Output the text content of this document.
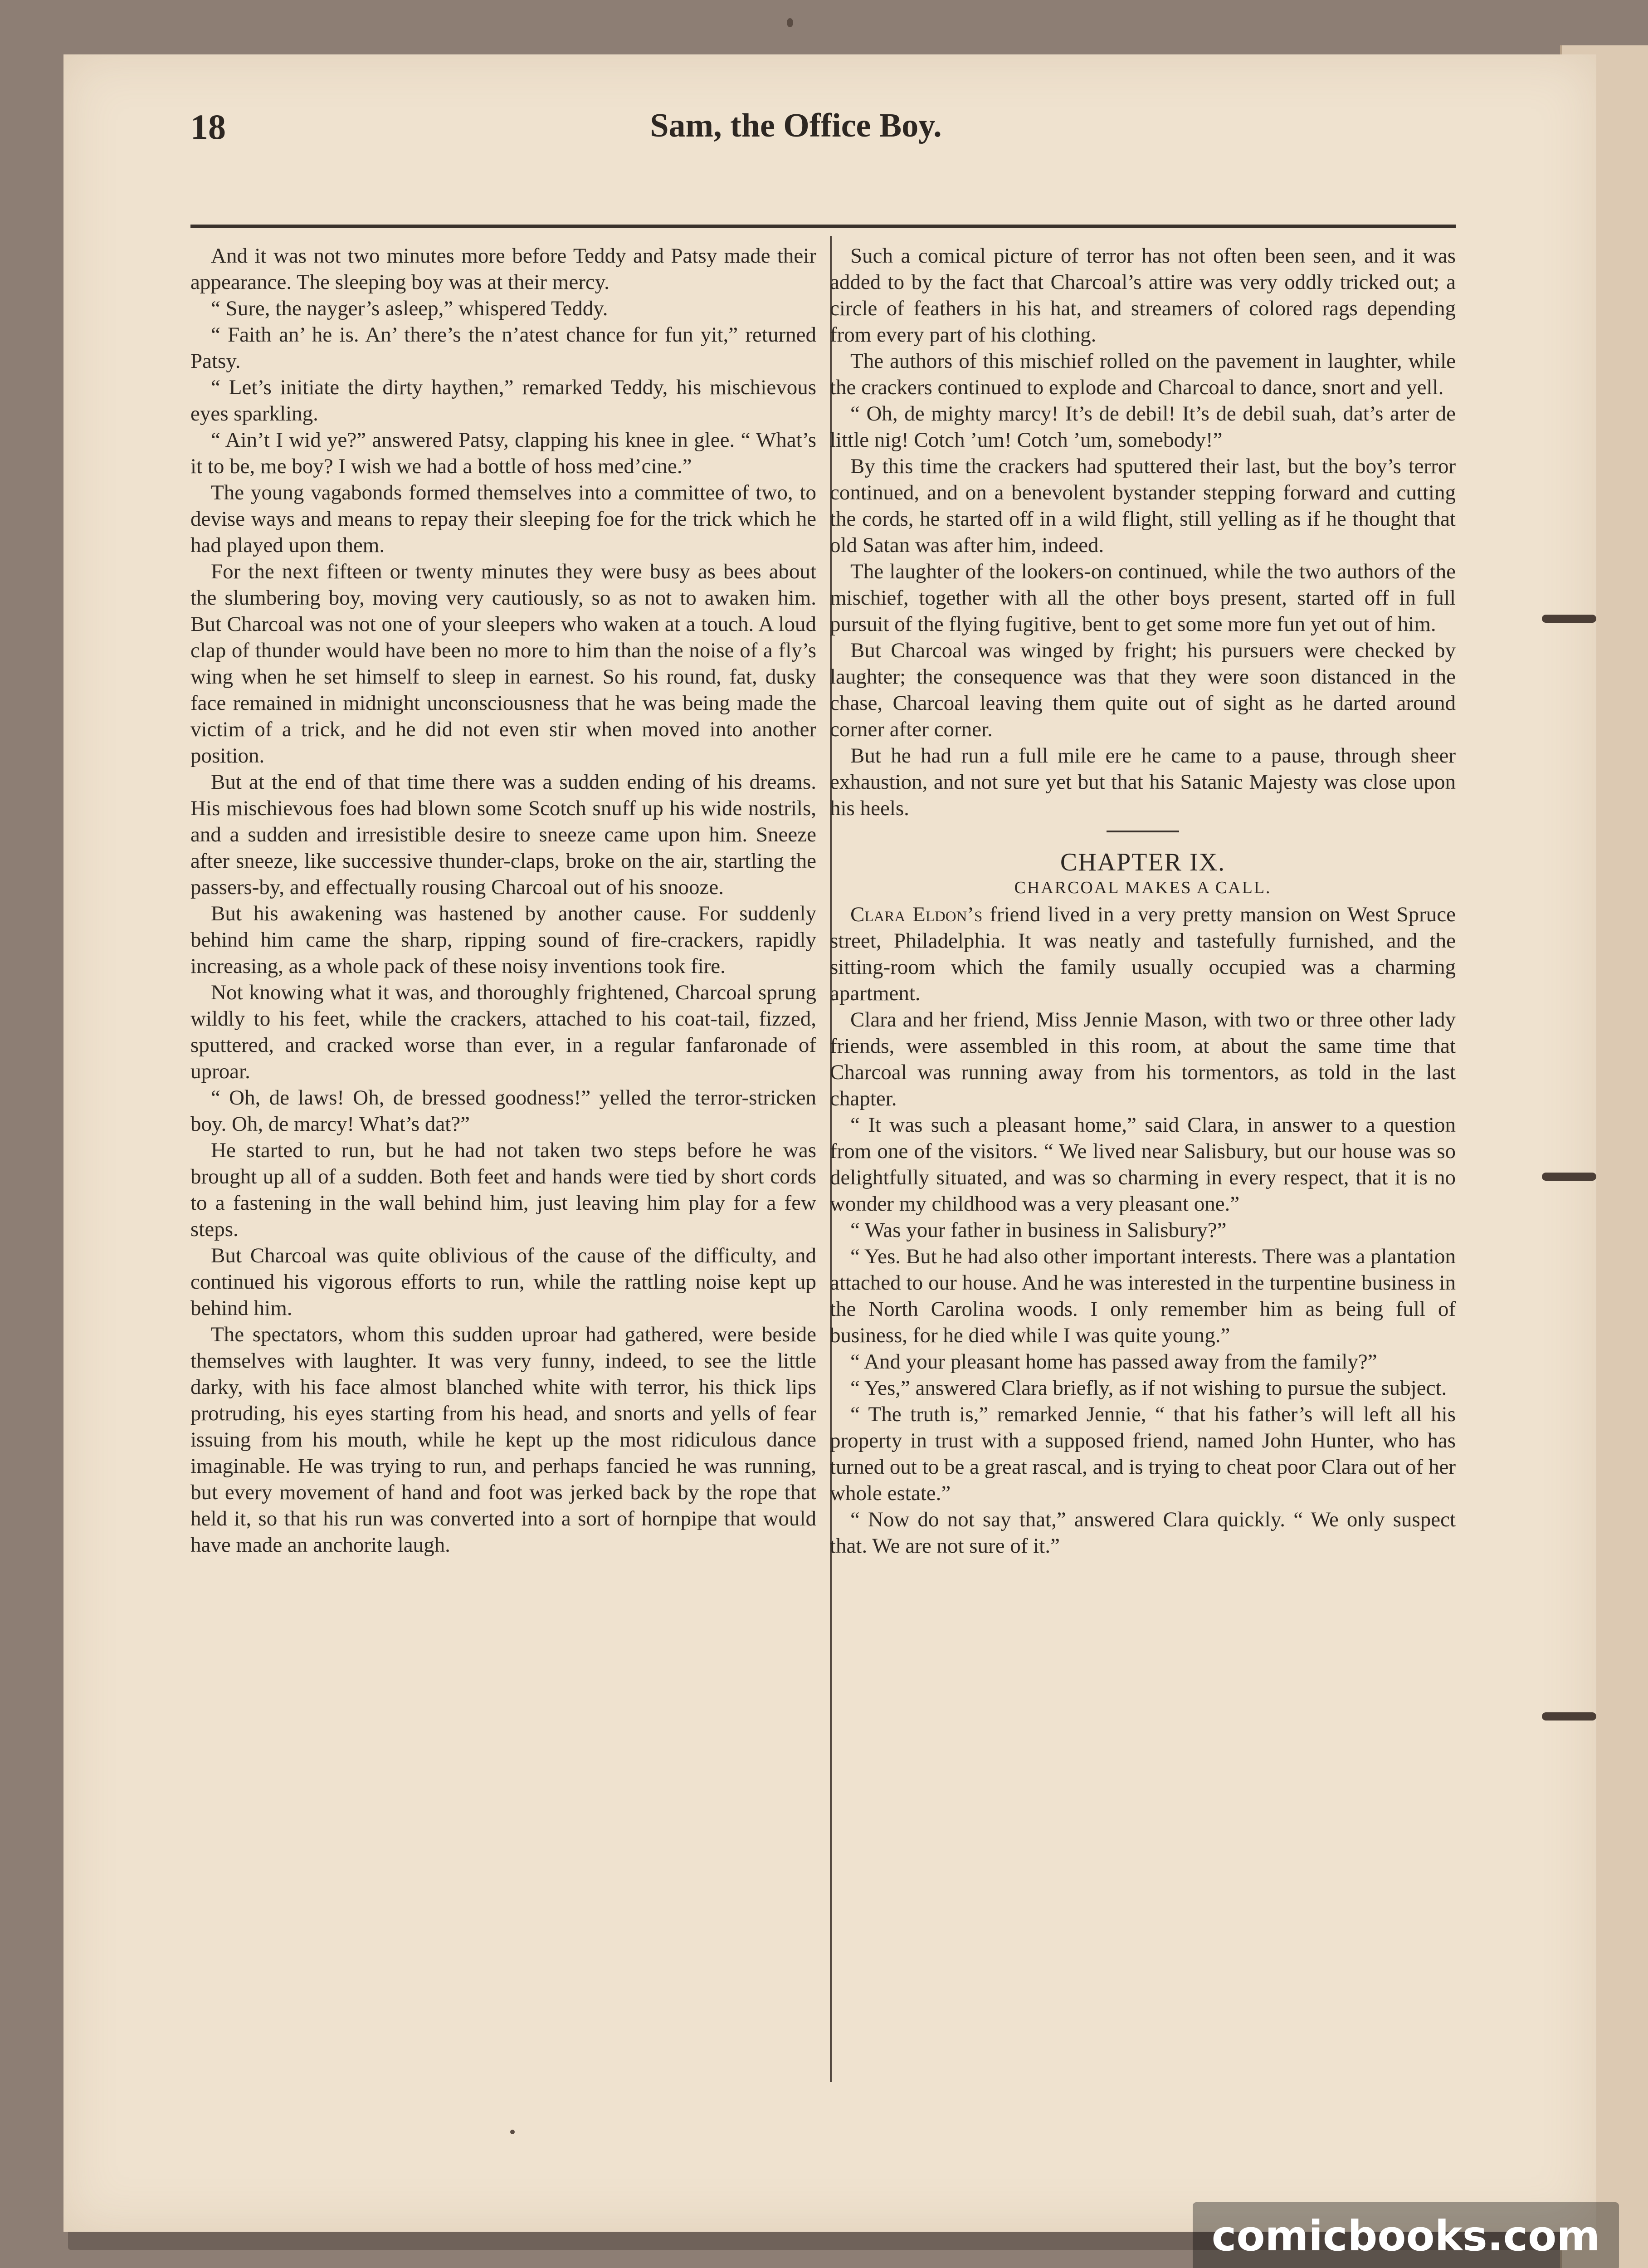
18	Sam, the Office Boy.

And it was not two minutes more before Teddy and Patsy made their appearance. The sleeping boy was at their mercy.

“ Sure, the nayger’s asleep,” whispered Teddy.

“ Faith an’ he is. An’ there’s the n’atest chance for fun yit,” returned Patsy.

“ Let’s initiate the dirty haythen,” remarked Teddy, his mischievous eyes sparkling.

“ Ain’t I wid ye?” answered Patsy, clapping his knee in glee. “ What’s it to be, me boy? I wish we had a bottle of hoss med’cine.”

The young vagabonds formed themselves into a committee of two, to devise ways and means to repay their sleeping foe for the trick which he had played upon them.

For the next fifteen or twenty minutes they were busy as bees about the slumbering boy, moving very cautiously, so as not to awaken him. But Charcoal was not one of your sleepers who waken at a touch. A loud clap of thunder would have been no more to him than the noise of a fly’s wing when he set himself to sleep in earnest. So his round, fat, dusky face remained in midnight unconsciousness that he was being made the victim of a trick, and he did not even stir when moved into another position.

But at the end of that time there was a sudden ending of his dreams. His mischievous foes had blown some Scotch snuff up his wide nostrils, and a sudden and irresistible desire to sneeze came upon him. Sneeze after sneeze, like successive thunder-claps, broke on the air, startling the passers-by, and effectually rousing Charcoal out of his snooze.

But his awakening was hastened by another cause. For suddenly behind him came the sharp, ripping sound of fire-crackers, rapidly increasing, as a whole pack of these noisy inventions took fire.

Not knowing what it was, and thoroughly frightened, Charcoal sprung wildly to his feet, while the crackers, attached to his coat-tail, fizzed, sputtered, and cracked worse than ever, in a regular fanfaronade of uproar.

“ Oh, de laws! Oh, de bressed goodness!” yelled the terror-stricken boy. Oh, de marcy! What’s dat?”

He started to run, but he had not taken two steps before he was brought up all of a sudden. Both feet and hands were tied by short cords to a fastening in the wall behind him, just leaving him play for a few steps.

But Charcoal was quite oblivious of the cause of the difficulty, and continued his vigorous efforts to run, while the rattling noise kept up behind him.

The spectators, whom this sudden uproar had gathered, were beside themselves with laughter. It was very funny, indeed, to see the little darky, with his face almost blanched white with terror, his thick lips protruding, his eyes starting from his head, and snorts and yells of fear issuing from his mouth, while he kept up the most ridiculous dance imaginable. He was trying to run, and perhaps fancied he was running, but every movement of hand and foot was jerked back by the rope that held it, so that his run was converted into a sort of hornpipe that would have made an anchorite laugh.

Such a comical picture of terror has not often been seen, and it was added to by the fact that Charcoal’s attire was very oddly tricked out; a circle of feathers in his hat, and streamers of colored rags depending from every part of his clothing.

The authors of this mischief rolled on the pavement in laughter, while the crackers continued to explode and Charcoal to dance, snort and yell.

“ Oh, de mighty marcy! It’s de debil! It’s de debil suah, dat’s arter de little nig! Cotch ’um! Cotch ’um, somebody!”

By this time the crackers had sputtered their last, but the boy’s terror continued, and on a benevolent bystander stepping forward and cutting the cords, he started off in a wild flight, still yelling as if he thought that old Satan was after him, indeed.

The laughter of the lookers-on continued, while the two authors of the mischief, together with all the other boys present, started off in full pursuit of the flying fugitive, bent to get some more fun yet out of him.

But Charcoal was winged by fright; his pursuers were checked by laughter; the consequence was that they were soon distanced in the chase, Charcoal leaving them quite out of sight as he darted around corner after corner.

But he had run a full mile ere he came to a pause, through sheer exhaustion, and not sure yet but that his Satanic Majesty was close upon his heels.

CHAPTER IX.
CHARCOAL MAKES A CALL.

Clara Eldon’s friend lived in a very pretty mansion on West Spruce street, Philadelphia. It was neatly and tastefully furnished, and the sitting-room which the family usually occupied was a charming apartment.

Clara and her friend, Miss Jennie Mason, with two or three other lady friends, were assembled in this room, at about the same time that Charcoal was running away from his tormentors, as told in the last chapter.

“ It was such a pleasant home,” said Clara, in answer to a question from one of the visitors. “ We lived near Salisbury, but our house was so delightfully situated, and was so charming in every respect, that it is no wonder my childhood was a very pleasant one.”

“ Was your father in business in Salisbury?”

“ Yes. But he had also other important interests. There was a plantation attached to our house. And he was interested in the turpentine business in the North Carolina woods. I only remember him as being full of business, for he died while I was quite young.”

“ And your pleasant home has passed away from the family?”

“ Yes,” answered Clara briefly, as if not wishing to pursue the subject.

“ The truth is,” remarked Jennie, “ that his father’s will left all his property in trust with a supposed friend, named John Hunter, who has turned out to be a great rascal, and is trying to cheat poor Clara out of her whole estate.”

“ Now do not say that,” answered Clara quickly. “ We only suspect that. We are not sure of it.”

comicbooks.com
